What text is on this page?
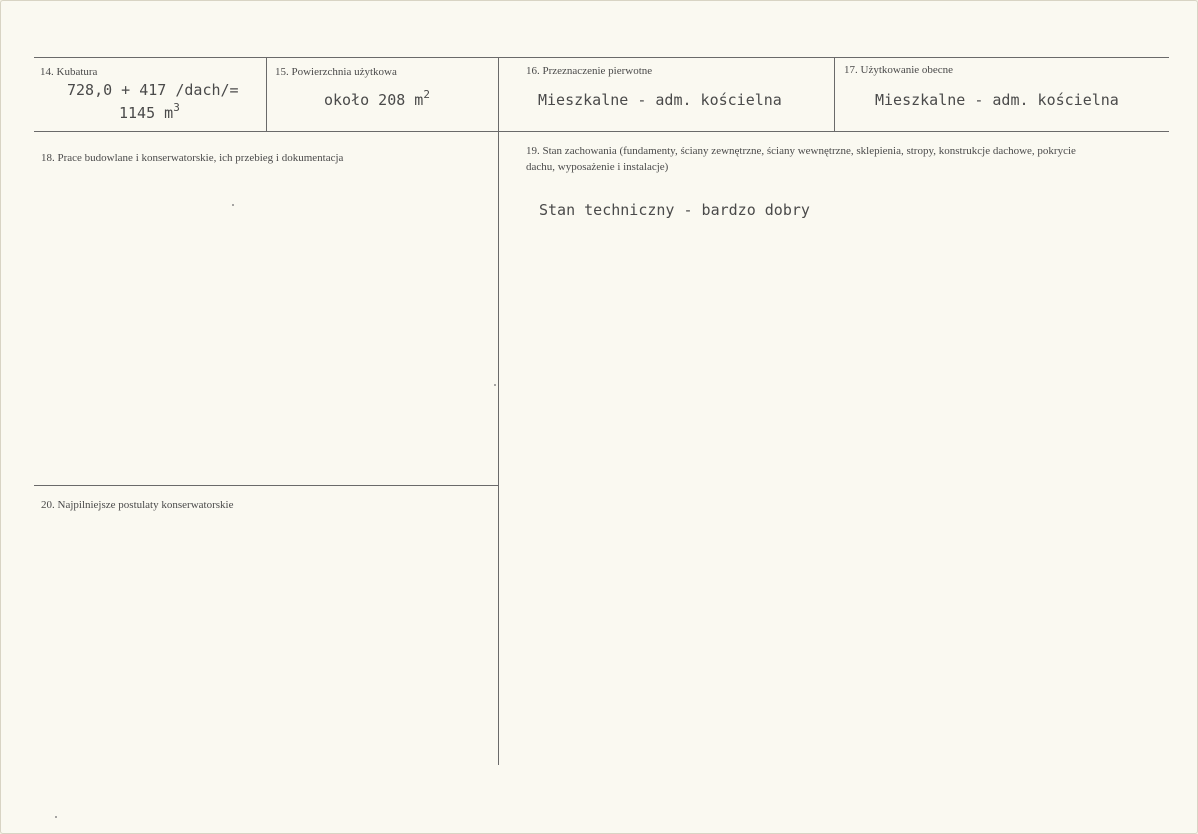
14. Kubatura
728,0 + 417 /dach/=
1145 $m^3$
15. Powierzchnia użytkowa
około 208 $m^2$
16. Przeznaczenie pierwotne
Mieszkalne - adm. kościelna
17. Użytkowanie obecne
Mieszkalne - adm. kościelna
18. Prace budowlane i konserwatorskie, ich przebieg i dokumentacja
19. Stan zachowania (fundamenty, ściany zewnętrzne, ściany wewnętrzne, sklepienia, stropy, konstrukcje dachowe, pokrycie dachu, wyposażenie i instalacje)
Stan techniczny - bardzo dobry
20. Najpilniejsze postulaty konserwatorskie
